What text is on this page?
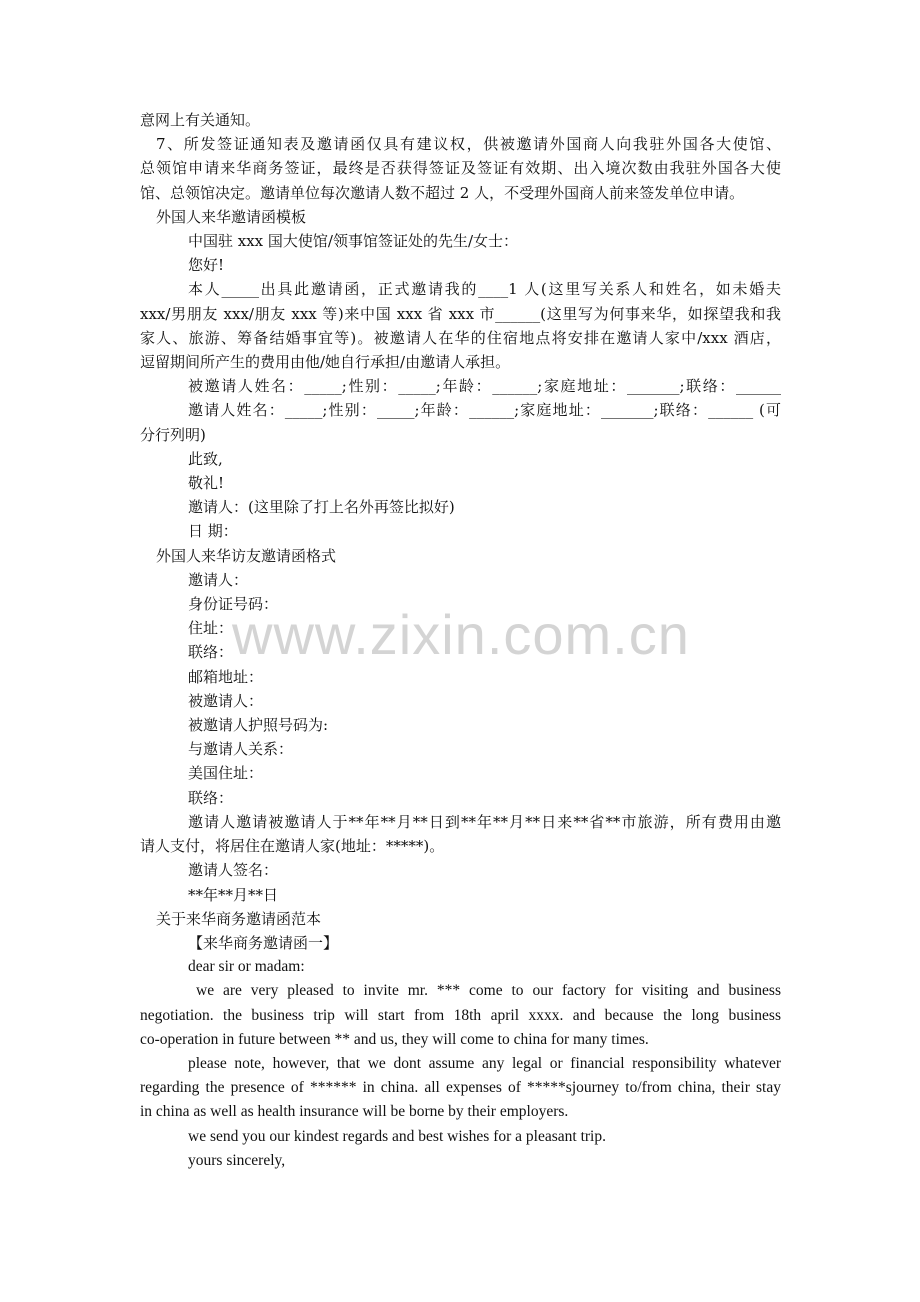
www.zixin.com.cn
意网上有关通知。
7、所发签证通知表及邀请函仅具有建议权，供被邀请外国商人向我驻外国各大使馆、
总领馆申请来华商务签证，最终是否获得签证及签证有效期、出入境次数由我驻外国各大使
馆、总领馆决定。邀请单位每次邀请人数不超过 2 人，不受理外国商人前来签发单位申请。
外国人来华邀请函模板
中国驻 xxx 国大使馆/领事馆签证处的先生/女士：
您好!
本人_____出具此邀请函，正式邀请我的____1 人(这里写关系人和姓名，如未婚夫
xxx/男朋友 xxx/朋友 xxx 等)来中国 xxx 省 xxx 市______(这里写为何事来华，如探望我和我
家人、旅游、筹备结婚事宜等)。被邀请人在华的住宿地点将安排在邀请人家中/xxx 酒店，
逗留期间所产生的费用由他/她自行承担/由邀请人承担。
被邀请人姓名：_____;性别：_____;年龄：______;家庭地址：_______;联络：______
邀请人姓名：_____;性别：_____;年龄：______;家庭地址：_______;联络：______ (可
分行列明)
此致,
敬礼!
邀请人：(这里除了打上名外再签比拟好)
日 期：
外国人来华访友邀请函格式
邀请人：
身份证号码：
住址：
联络：
邮箱地址：
被邀请人：
被邀请人护照号码为:
与邀请人关系：
美国住址：
联络：
邀请人邀请被邀请人于**年**月**日到**年**月**日来**省**市旅游，所有费用由邀
请人支付，将居住在邀请人家(地址：*****)。
邀请人签名：
**年**月**日
关于来华商务邀请函范本
【来华商务邀请函一】
dear sir or madam:
we are very pleased to invite mr. *** come to our factory for visiting and business
negotiation. the business trip will start from 18th april xxxx. and because the long business
co-operation in future between ** and us, they will come to china for many times.
please note, however, that we dont assume any legal or financial responsibility whatever
regarding the presence of ****** in china. all expenses of *****sjourney to/from china, their stay
in china as well as health insurance will be borne by their employers.
we send you our kindest regards and best wishes for a pleasant trip.
yours sincerely,
